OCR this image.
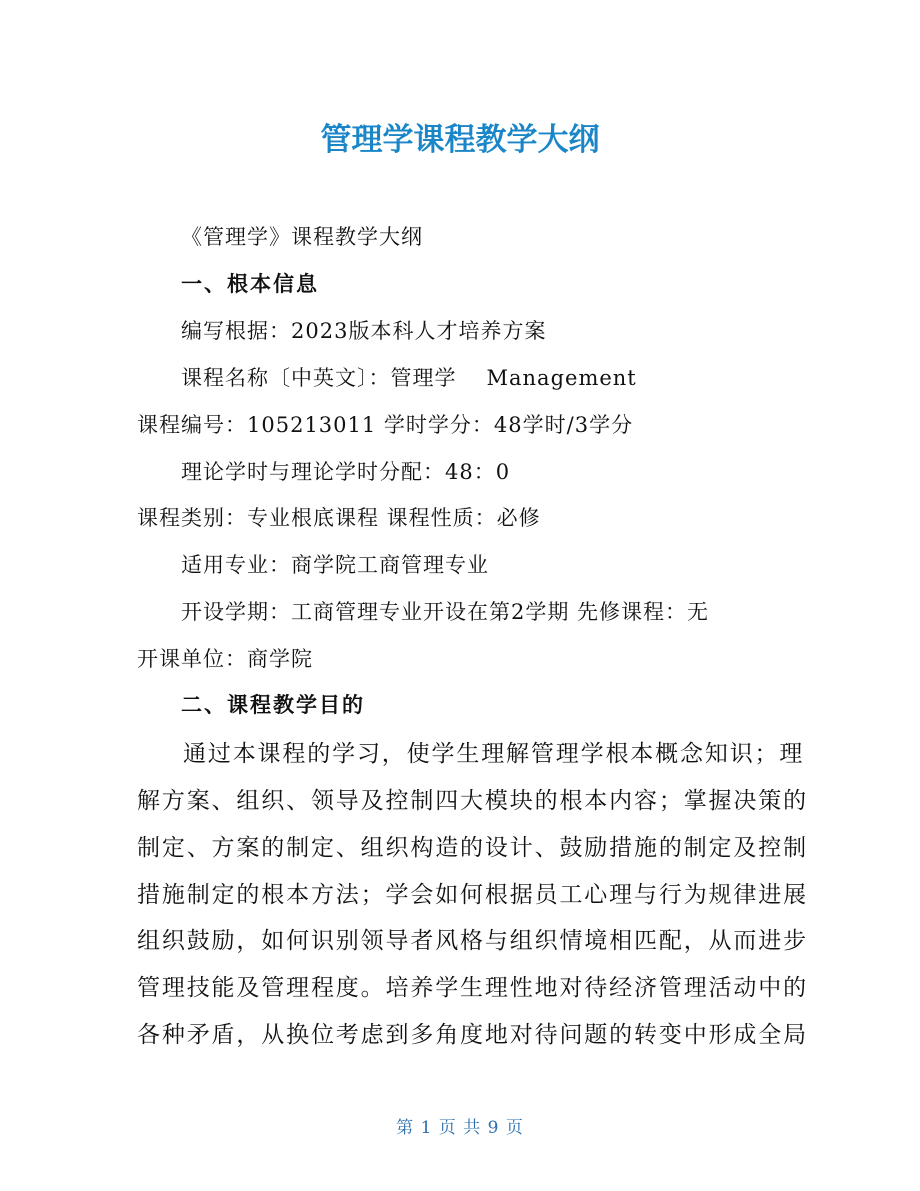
管理学课程教学大纲
《管理学》课程教学大纲
一、根本信息
编写根据：2023版本科人才培养方案
课程名称〔中英文〕：管理学 Management
课程编号：105213011 学时学分：48学时/3学分
理论学时与理论学时分配：48：0
课程类别：专业根底课程 课程性质：必修
适用专业：商学院工商管理专业
开设学期：工商管理专业开设在第2学期 先修课程：无
开课单位：商学院
二、课程教学目的
通过本课程的学习，使学生理解管理学根本概念知识；理
解方案、组织、领导及控制四大模块的根本内容；掌握决策的
制定、方案的制定、组织构造的设计、鼓励措施的制定及控制
措施制定的根本方法；学会如何根据员工心理与行为规律进展
组织鼓励，如何识别领导者风格与组织情境相匹配，从而进步
管理技能及管理程度。培养学生理性地对待经济管理活动中的
各种矛盾，从换位考虑到多角度地对待问题的转变中形成全局
第 1 页 共 9 页
